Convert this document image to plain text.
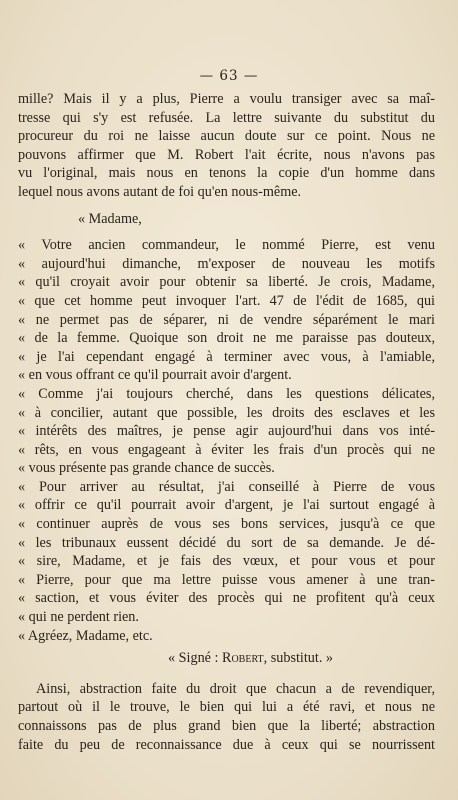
— 63 —
mille? Mais il y a plus, Pierre a voulu transiger avec sa maî-
tresse qui s'y est refusée. La lettre suivante du substitut du
procureur du roi ne laisse aucun doute sur ce point. Nous ne
pouvons affirmer que M. Robert l'ait écrite, nous n'avons pas
vu l'original, mais nous en tenons la copie d'un homme dans
lequel nous avons autant de foi qu'en nous-même.
« Madame,
« Votre ancien commandeur, le nommé Pierre, est venu
« aujourd'hui dimanche, m'exposer de nouveau les motifs
« qu'il croyait avoir pour obtenir sa liberté. Je crois, Madame,
« que cet homme peut invoquer l'art. 47 de l'édit de 1685, qui
« ne permet pas de séparer, ni de vendre séparément le mari
« de la femme. Quoique son droit ne me paraisse pas douteux,
« je l'ai cependant engagé à terminer avec vous, à l'amiable,
« en vous offrant ce qu'il pourrait avoir d'argent.
« Comme j'ai toujours cherché, dans les questions délicates,
« à concilier, autant que possible, les droits des esclaves et les
« intérêts des maîtres, je pense agir aujourd'hui dans vos inté-
« rêts, en vous engageant à éviter les frais d'un procès qui ne
« vous présente pas grande chance de succès.
« Pour arriver au résultat, j'ai conseillé à Pierre de vous
« offrir ce qu'il pourrait avoir d'argent, je l'ai surtout engagé à
« continuer auprès de vous ses bons services, jusqu'à ce que
« les tribunaux eussent décidé du sort de sa demande. Je dé-
« sire, Madame, et je fais des vœux, et pour vous et pour
« Pierre, pour que ma lettre puisse vous amener à une tran-
« saction, et vous éviter des procès qui ne profitent qu'à ceux
« qui ne perdent rien.
« Agréez, Madame, etc.
« Signé : Robert, substitut. »
Ainsi, abstraction faite du droit que chacun a de revendiquer,
partout où il le trouve, le bien qui lui a été ravi, et nous ne
connaissons pas de plus grand bien que la liberté; abstraction
faite du peu de reconnaissance due à ceux qui se nourrissent
